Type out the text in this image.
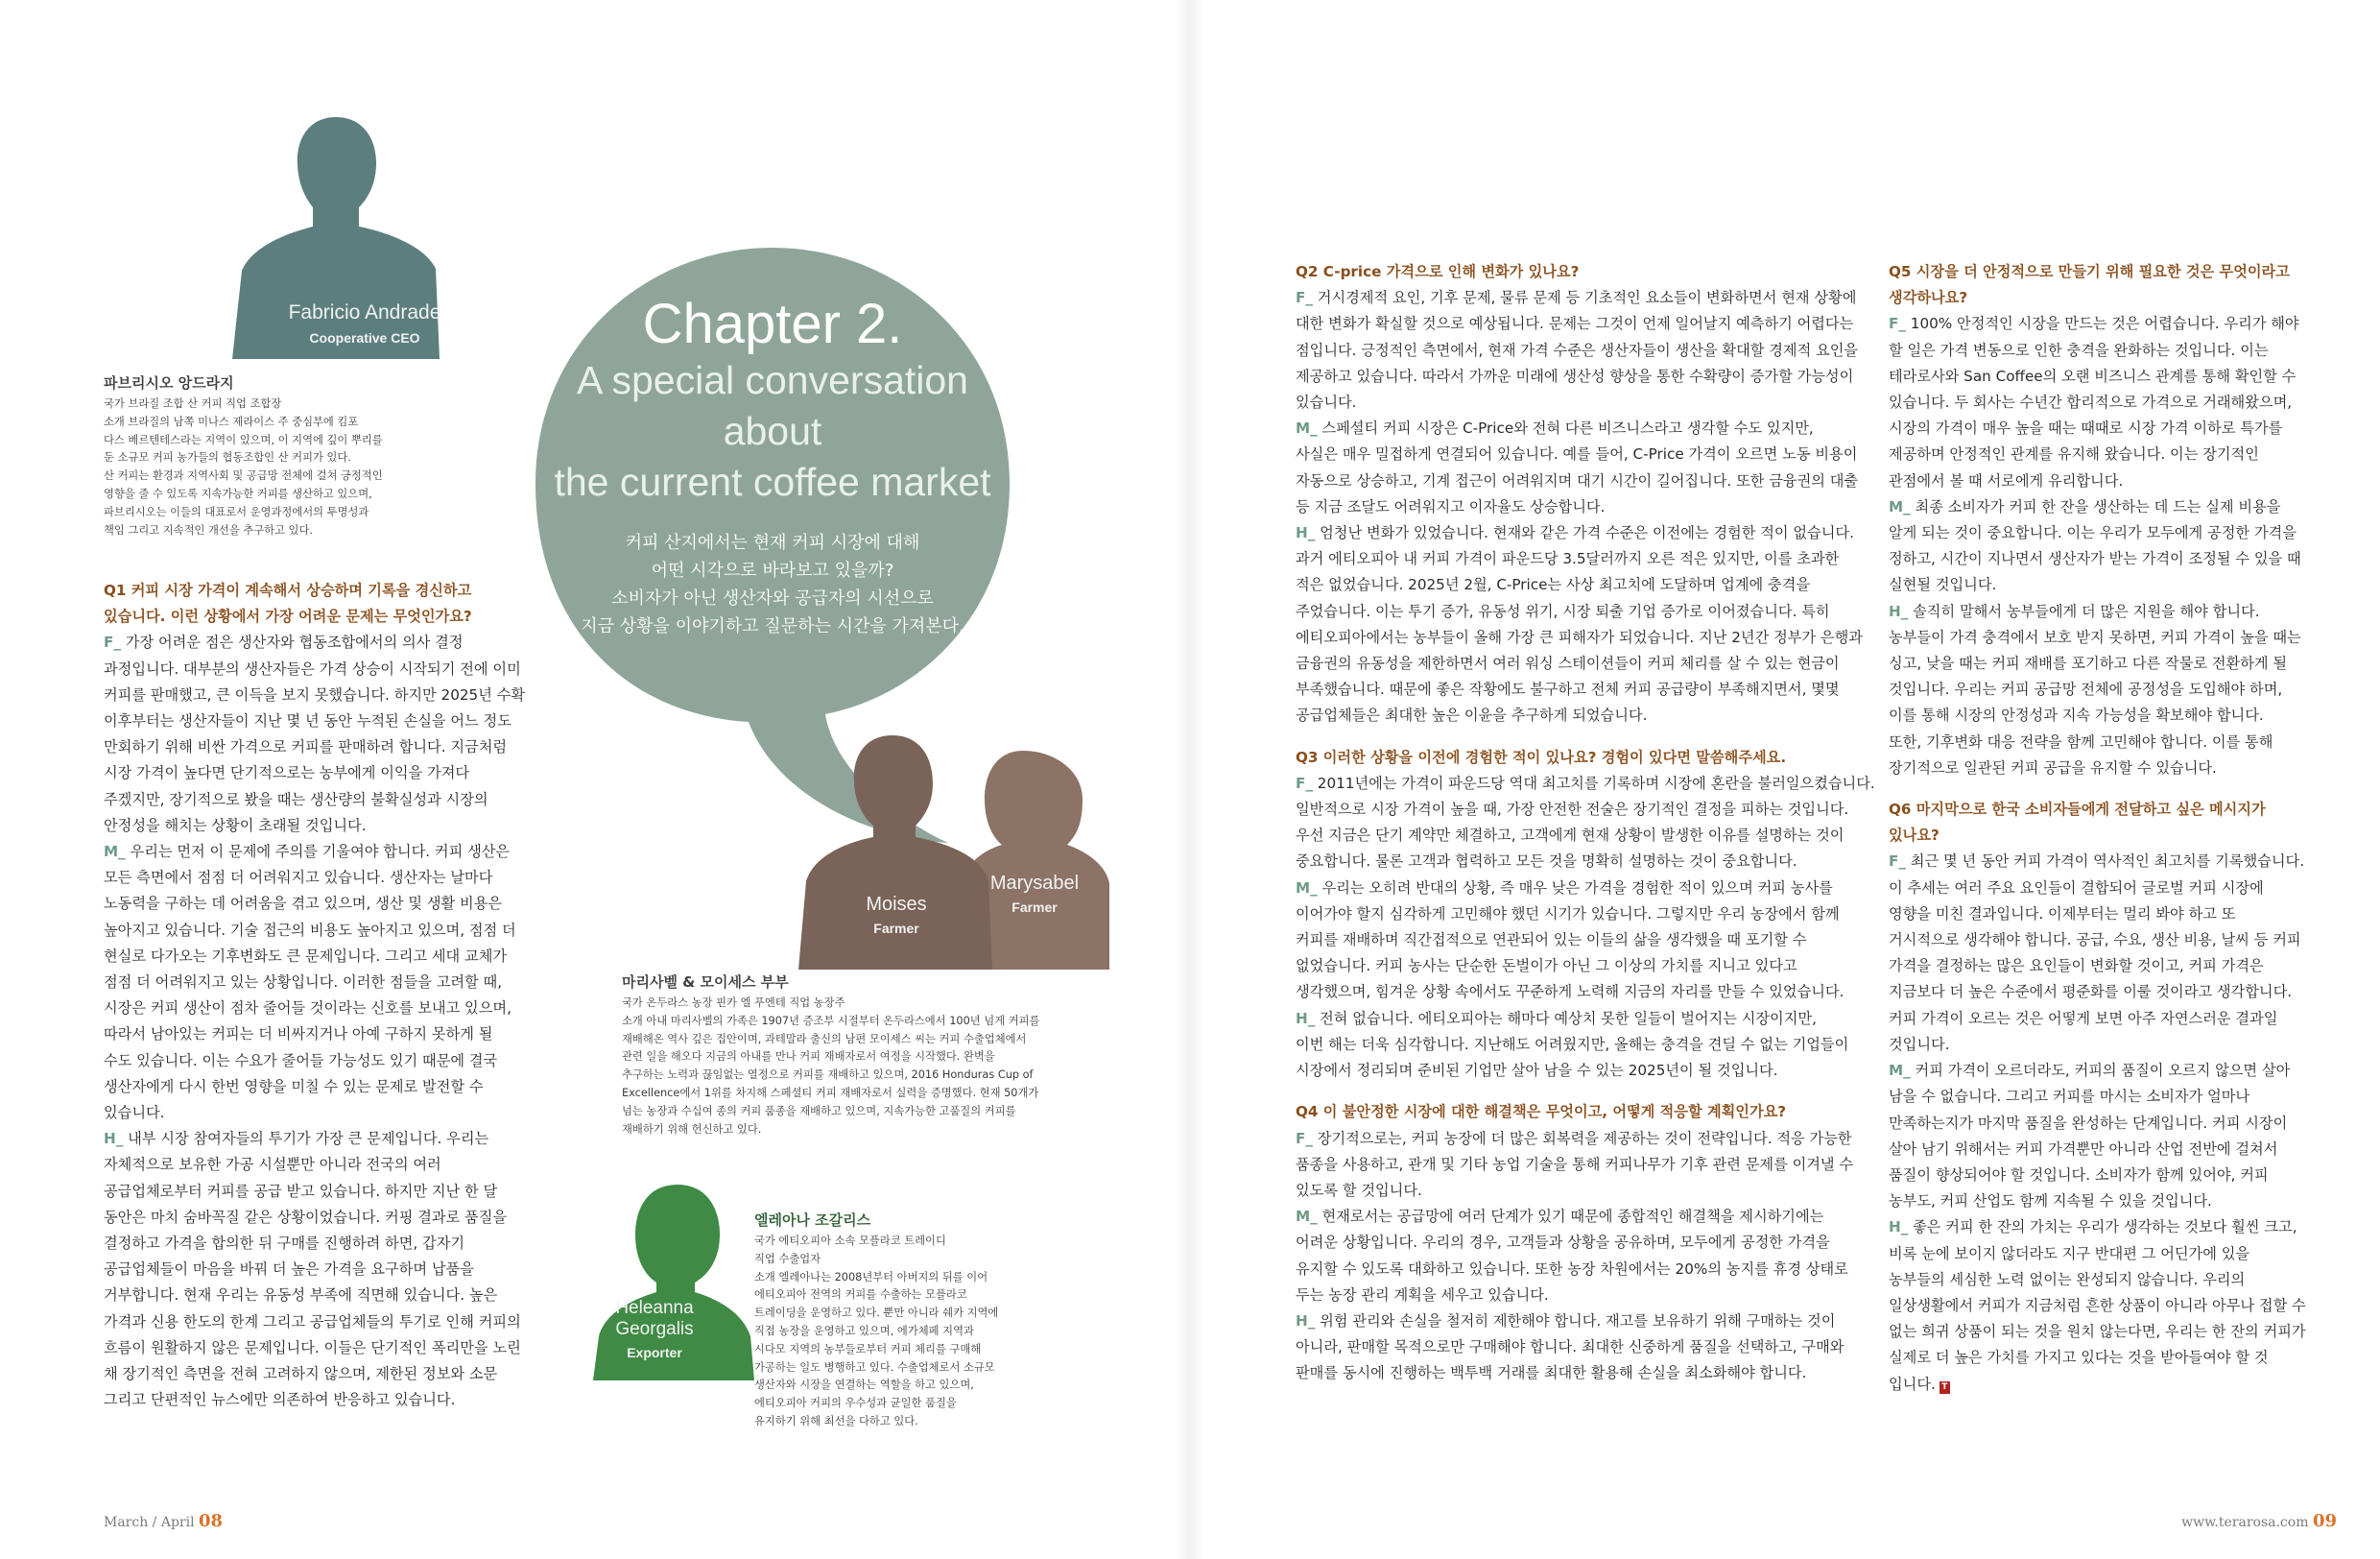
Fabricio Andrade
Cooperative CEO
파브리시오 앙드라지

국가 브라질 조합 산 커피 직업 조합장

소개 브라질의 남쪽 미나스 제라이스 주 중심부에 킴포

다스 베르텐테스라는 지역이 있으며, 이 지역에 깊이 뿌리를

둔 소규모 커피 농가들의 협동조합인 산 커피가 있다.

산 커피는 환경과 지역사회 및 공급망 전체에 걸쳐 긍정적인

영향을 줄 수 있도록 지속가능한 커피를 생산하고 있으며,

파브리시오는 이들의 대표로서 운영과정에서의 투명성과

책임 그리고 지속적인 개선을 추구하고 있다.

Chapter 2.
A special conversation about
the current coffee market
커피 산지에서는 현재 커피 시장에 대해
어떤 시각으로 바라보고 있을까?
소비자가 아닌 생산자와 공급자의 시선으로
지금 상황을 이야기하고 질문하는 시간을 가져본다.
Moises
Farmer
Marysabel
Farmer
마리사벨 & 모이세스 부부

국가 온두라스 농장 핀카 엘 푸엔테 직업 농장주

소개 아내 마리사벨의 가족은 1907년 증조부 시절부터 온두라스에서 100년 넘게 커피를

재배해온 역사 깊은 집안이며, 과테말라 출신의 남편 모이세스 씨는 커피 수출업체에서

관련 일을 해오다 지금의 아내를 만나 커피 재배자로서 여정을 시작했다. 완벽을

추구하는 노력과 끊임없는 열정으로 커피를 재배하고 있으며, 2016 Honduras Cup of

Excellence에서 1위를 차지해 스페셜티 커피 재배자로서 실력을 증명했다. 현재 50개가

넘는 농장과 수십여 종의 커피 품종을 재배하고 있으며, 지속가능한 고품질의 커피를

재배하기 위해 헌신하고 있다.

Heleanna
Georgalis
Exporter
엘레아나 조갈리스

국가 에티오피아 소속 모플라코 트레이디

직업 수출업자

소개 엘레아나는 2008년부터 아버지의 뒤를 이어

에티오피아 전역의 커피를 수출하는 모플라코

트레이딩을 운영하고 있다. 뿐만 아니라 쉐카 지역에

직접 농장을 운영하고 있으며, 에가체페 지역과

시다모 지역의 농부들로부터 커피 체리를 구매해

가공하는 일도 병행하고 있다. 수출업체로서 소규모

생산자와 시장을 연결하는 역할을 하고 있으며,

에티오피아 커피의 우수성과 균일한 품질을

유지하기 위해 최선을 다하고 있다.

Q1 커피 시장 가격이 계속해서 상승하며 기록을 경신하고

있습니다. 이런 상황에서 가장 어려운 문제는 무엇인가요?

F_ 가장 어려운 점은 생산자와 협동조합에서의 의사 결정

과정입니다. 대부분의 생산자들은 가격 상승이 시작되기 전에 이미

커피를 판매했고, 큰 이득을 보지 못했습니다. 하지만 2025년 수확

이후부터는 생산자들이 지난 몇 년 동안 누적된 손실을 어느 정도

만회하기 위해 비싼 가격으로 커피를 판매하려 합니다. 지금처럼

시장 가격이 높다면 단기적으로는 농부에게 이익을 가져다

주겠지만, 장기적으로 봤을 때는 생산량의 불확실성과 시장의

안정성을 해치는 상황이 초래될 것입니다.

M_ 우리는 먼저 이 문제에 주의를 기울여야 합니다. 커피 생산은

모든 측면에서 점점 더 어려워지고 있습니다. 생산자는 날마다

노동력을 구하는 데 어려움을 겪고 있으며, 생산 및 생활 비용은

높아지고 있습니다. 기술 접근의 비용도 높아지고 있으며, 점점 더

현실로 다가오는 기후변화도 큰 문제입니다. 그리고 세대 교체가

점점 더 어려워지고 있는 상황입니다. 이러한 점들을 고려할 때,

시장은 커피 생산이 점차 줄어들 것이라는 신호를 보내고 있으며,

따라서 남아있는 커피는 더 비싸지거나 아예 구하지 못하게 될

수도 있습니다. 이는 수요가 줄어들 가능성도 있기 때문에 결국

생산자에게 다시 한번 영향을 미칠 수 있는 문제로 발전할 수

있습니다.

H_ 내부 시장 참여자들의 투기가 가장 큰 문제입니다. 우리는

자체적으로 보유한 가공 시설뿐만 아니라 전국의 여러

공급업체로부터 커피를 공급 받고 있습니다. 하지만 지난 한 달

동안은 마치 숨바꼭질 같은 상황이었습니다. 커핑 결과로 품질을

결정하고 가격을 합의한 뒤 구매를 진행하려 하면, 갑자기

공급업체들이 마음을 바꿔 더 높은 가격을 요구하며 납품을

거부합니다. 현재 우리는 유동성 부족에 직면해 있습니다. 높은

가격과 신용 한도의 한계 그리고 공급업체들의 투기로 인해 커피의

흐름이 원활하지 않은 문제입니다. 이들은 단기적인 폭리만을 노린

채 장기적인 측면을 전혀 고려하지 않으며, 제한된 정보와 소문

그리고 단편적인 뉴스에만 의존하여 반응하고 있습니다.

Q2 C-price 가격으로 인해 변화가 있나요?

F_ 거시경제적 요인, 기후 문제, 물류 문제 등 기초적인 요소들이 변화하면서 현재 상황에

대한 변화가 확실할 것으로 예상됩니다. 문제는 그것이 언제 일어날지 예측하기 어렵다는

점입니다. 긍정적인 측면에서, 현재 가격 수준은 생산자들이 생산을 확대할 경제적 요인을

제공하고 있습니다. 따라서 가까운 미래에 생산성 향상을 통한 수확량이 증가할 가능성이

있습니다.

M_ 스페셜티 커피 시장은 C-Price와 전혀 다른 비즈니스라고 생각할 수도 있지만,

사실은 매우 밀접하게 연결되어 있습니다. 예를 들어, C-Price 가격이 오르면 노동 비용이

자동으로 상승하고, 기계 접근이 어려워지며 대기 시간이 길어집니다. 또한 금융권의 대출

등 지금 조달도 어려워지고 이자율도 상승합니다.

H_ 엄청난 변화가 있었습니다. 현재와 같은 가격 수준은 이전에는 경험한 적이 없습니다.

과거 에티오피아 내 커피 가격이 파운드당 3.5달러까지 오른 적은 있지만, 이를 초과한

적은 없었습니다. 2025년 2월, C-Price는 사상 최고치에 도달하며 업계에 충격을

주었습니다. 이는 투기 증가, 유동성 위기, 시장 퇴출 기업 증가로 이어졌습니다. 특히

에티오피아에서는 농부들이 올해 가장 큰 피해자가 되었습니다. 지난 2년간 정부가 은행과

금융권의 유동성을 제한하면서 여러 워싱 스테이션들이 커피 체리를 살 수 있는 현금이

부족했습니다. 때문에 좋은 작황에도 불구하고 전체 커피 공급량이 부족해지면서, 몇몇

공급업체들은 최대한 높은 이윤을 추구하게 되었습니다.

Q3 이러한 상황을 이전에 경험한 적이 있나요? 경험이 있다면 말씀해주세요.

F_ 2011년에는 가격이 파운드당 역대 최고치를 기록하며 시장에 혼란을 불러일으켰습니다.

일반적으로 시장 가격이 높을 때, 가장 안전한 전술은 장기적인 결정을 피하는 것입니다.

우선 지금은 단기 계약만 체결하고, 고객에게 현재 상황이 발생한 이유를 설명하는 것이

중요합니다. 물론 고객과 협력하고 모든 것을 명확히 설명하는 것이 중요합니다.

M_ 우리는 오히려 반대의 상황, 즉 매우 낮은 가격을 경험한 적이 있으며 커피 농사를

이어가야 할지 심각하게 고민해야 했던 시기가 있습니다. 그렇지만 우리 농장에서 함께

커피를 재배하며 직간접적으로 연관되어 있는 이들의 삶을 생각했을 때 포기할 수

없었습니다. 커피 농사는 단순한 돈벌이가 아닌 그 이상의 가치를 지니고 있다고

생각했으며, 힘겨운 상황 속에서도 꾸준하게 노력해 지금의 자리를 만들 수 있었습니다.

H_ 전혀 없습니다. 에티오피아는 해마다 예상치 못한 일들이 벌어지는 시장이지만,

이번 해는 더욱 심각합니다. 지난해도 어려웠지만, 올해는 충격을 견딜 수 없는 기업들이

시장에서 정리되며 준비된 기업만 살아 남을 수 있는 2025년이 될 것입니다.

Q4 이 불안정한 시장에 대한 해결책은 무엇이고, 어떻게 적응할 계획인가요?

F_ 장기적으로는, 커피 농장에 더 많은 회복력을 제공하는 것이 전략입니다. 적응 가능한

품종을 사용하고, 관개 및 기타 농업 기술을 통해 커피나무가 기후 관련 문제를 이겨낼 수

있도록 할 것입니다.

M_ 현재로서는 공급망에 여러 단계가 있기 때문에 종합적인 해결책을 제시하기에는

어려운 상황입니다. 우리의 경우, 고객들과 상황을 공유하며, 모두에게 공정한 가격을

유지할 수 있도록 대화하고 있습니다. 또한 농장 차원에서는 20%의 농지를 휴경 상태로

두는 농장 관리 계획을 세우고 있습니다.

H_ 위험 관리와 손실을 철저히 제한해야 합니다. 재고를 보유하기 위해 구매하는 것이

아니라, 판매할 목적으로만 구매해야 합니다. 최대한 신중하게 품질을 선택하고, 구매와

판매를 동시에 진행하는 백투백 거래를 최대한 활용해 손실을 최소화해야 합니다.

Q5 시장을 더 안정적으로 만들기 위해 필요한 것은 무엇이라고

생각하나요?

F_ 100% 안정적인 시장을 만드는 것은 어렵습니다. 우리가 해야

할 일은 가격 변동으로 인한 충격을 완화하는 것입니다. 이는

테라로사와 San Coffee의 오랜 비즈니스 관계를 통해 확인할 수

있습니다. 두 회사는 수년간 합리적으로 가격으로 거래해왔으며,

시장의 가격이 매우 높을 때는 때때로 시장 가격 이하로 특가를

제공하며 안정적인 관계를 유지해 왔습니다. 이는 장기적인

관점에서 볼 때 서로에게 유리합니다.

M_ 최종 소비자가 커피 한 잔을 생산하는 데 드는 실제 비용을

알게 되는 것이 중요합니다. 이는 우리가 모두에게 공정한 가격을

정하고, 시간이 지나면서 생산자가 받는 가격이 조정될 수 있을 때

실현될 것입니다.

H_ 솔직히 말해서 농부들에게 더 많은 지원을 해야 합니다.

농부들이 가격 충격에서 보호 받지 못하면, 커피 가격이 높을 때는

싱고, 낮을 때는 커피 재배를 포기하고 다른 작물로 전환하게 될

것입니다. 우리는 커피 공급망 전체에 공정성을 도입해야 하며,

이를 통해 시장의 안정성과 지속 가능성을 확보해야 합니다.

또한, 기후변화 대응 전략을 함께 고민해야 합니다. 이를 통해

장기적으로 일관된 커피 공급을 유지할 수 있습니다.

Q6 마지막으로 한국 소비자들에게 전달하고 싶은 메시지가

있나요?

F_ 최근 몇 년 동안 커피 가격이 역사적인 최고치를 기록했습니다.

이 추세는 여러 주요 요인들이 결합되어 글로벌 커피 시장에

영향을 미친 결과입니다. 이제부터는 멀리 봐야 하고 또

거시적으로 생각해야 합니다. 공급, 수요, 생산 비용, 날씨 등 커피

가격을 결정하는 많은 요인들이 변화할 것이고, 커피 가격은

지금보다 더 높은 수준에서 평준화를 이룰 것이라고 생각합니다.

커피 가격이 오르는 것은 어떻게 보면 아주 자연스러운 결과일

것입니다.

M_ 커피 가격이 오르더라도, 커피의 품질이 오르지 않으면 살아

남을 수 없습니다. 그리고 커피를 마시는 소비자가 얼마나

만족하는지가 마지막 품질을 완성하는 단계입니다. 커피 시장이

살아 남기 위해서는 커피 가격뿐만 아니라 산업 전반에 걸쳐서

품질이 향상되어야 할 것입니다. 소비자가 함께 있어야, 커피

농부도, 커피 산업도 함께 지속될 수 있을 것입니다.

H_ 좋은 커피 한 잔의 가치는 우리가 생각하는 것보다 훨씬 크고,

비록 눈에 보이지 않더라도 지구 반대편 그 어딘가에 있을

농부들의 세심한 노력 없이는 완성되지 않습니다. 우리의

일상생활에서 커피가 지금처럼 흔한 상품이 아니라 아무나 접할 수

없는 희귀 상품이 되는 것을 원치 않는다면, 우리는 한 잔의 커피가

실제로 더 높은 가치를 가지고 있다는 것을 받아들여야 할 것

입니다. T

March / April 08	www.terarosa.com 09
